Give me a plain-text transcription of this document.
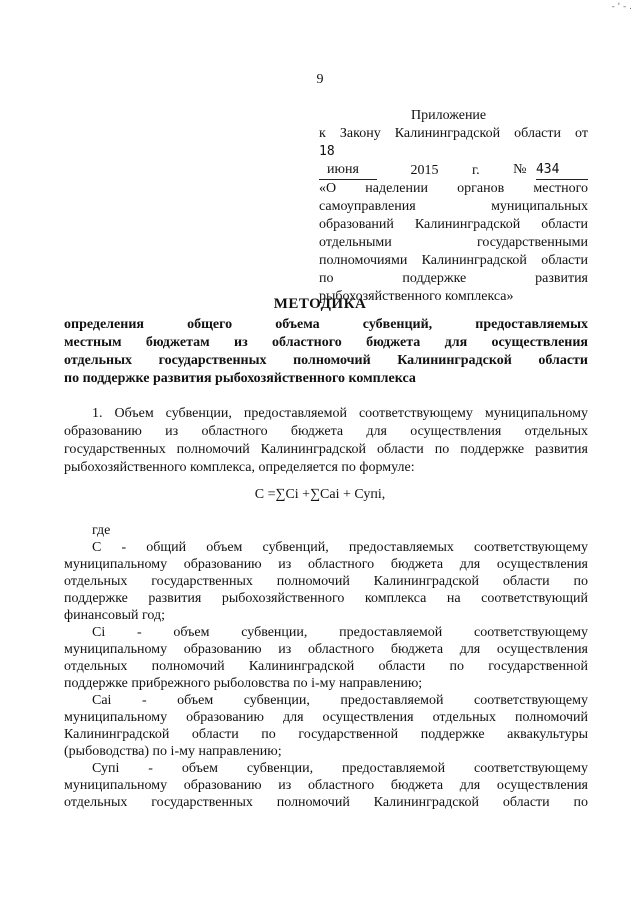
- ' - .
9
Приложение
к Закону Калининградской области от
18 июня	2015 г. № 434
«О наделении органов местного
самоуправления муниципальных
образований Калининградской области
отдельными государственными
полномочиями Калининградской области
по поддержке развития
рыбохозяйственного комплекса»
МЕТОДИКА
определения общего объема субвенций, предоставляемых
местным бюджетам из областного бюджета для осуществления
отдельных государственных полномочий Калининградской области
по поддержке развития рыбохозяйственного комплекса
1. Объем субвенции, предоставляемой соответствующему муниципальному
образованию из областного бюджета для осуществления отдельных
государственных полномочий Калининградской области по поддержке развития
рыбохозяйственного комплекса, определяется по формуле:
С =∑Сi +∑Саi + Супi,
где
С - общий объем субвенций, предоставляемых соответствующему
муниципальному образованию из областного бюджета для осуществления
отдельных государственных полномочий Калининградской области по
поддержке развития рыбохозяйственного комплекса на соответствующий
финансовый год;
Сi - объем субвенции, предоставляемой соответствующему
муниципальному образованию из областного бюджета для осуществления
отдельных полномочий Калининградской области по государственной
поддержке прибрежного рыболовства по i-му направлению;
Саi - объем субвенции, предоставляемой соответствующему
муниципальному образованию для осуществления отдельных полномочий
Калининградской области по государственной поддержке аквакультуры
(рыбоводства) по i-му направлению;
Супi - объем субвенции, предоставляемой соответствующему
муниципальному образованию из областного бюджета для осуществления
отдельных государственных полномочий Калининградской области по
